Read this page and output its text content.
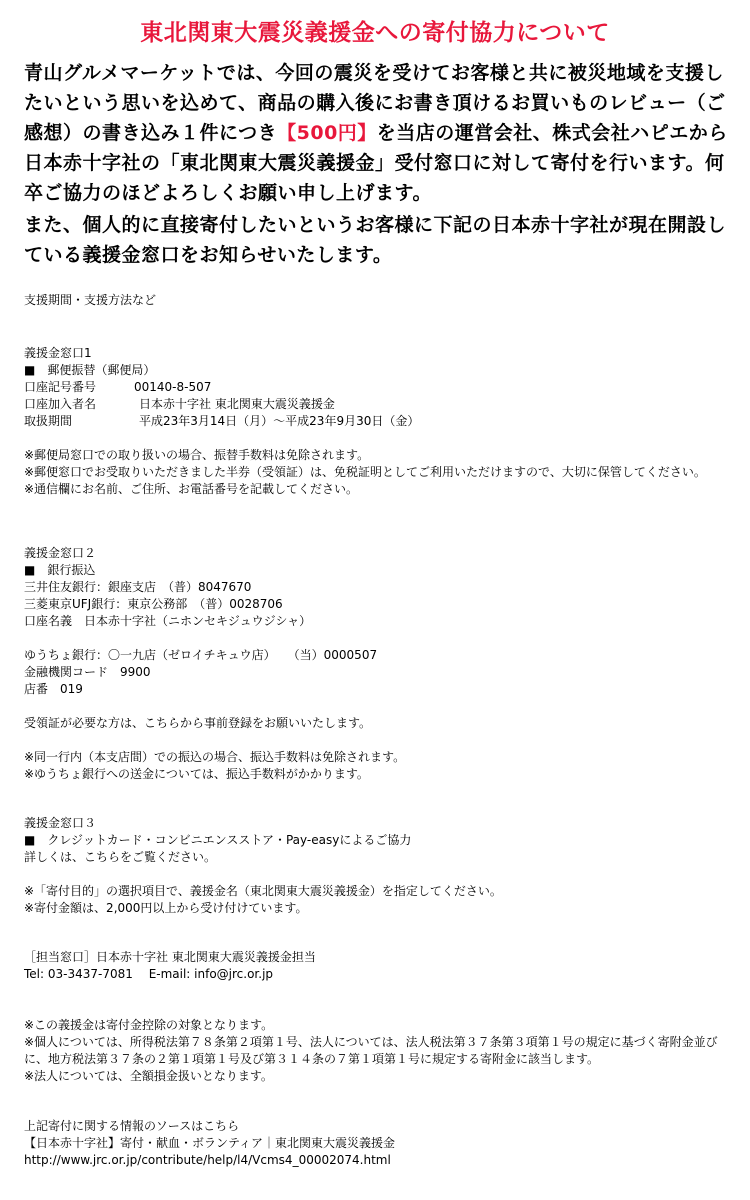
東北関東大震災義援金への寄付協力について

青山グルメマーケットでは、今回の震災を受けてお客様と共に被災地域を支援したいという思いを込めて、商品の購入後にお書き頂けるお買いものレビュー（ご感想）の書き込み１件につき【500円】を当店の運営会社、株式会社ハピエから日本赤十字社の「東北関東大震災義援金」受付窓口に対して寄付を行います。何卒ご協力のほどよろしくお願い申し上げます。

また、個人的に直接寄付したいというお客様に下記の日本赤十字社が現在開設している義援金窓口をお知らせいたします。

支援期間・支援方法など

義援金窓口1

■　郵便振替（郵便局）

口座記号番号	00140-8-507
口座加入者名	日本赤十字社 東北関東大震災義援金
取扱期間	平成23年3月14日（月）〜平成23年9月30日（金）

※郵便局窓口での取り扱いの場合、振替手数料は免除されます。

※郵便窓口でお受取りいただきました半券（受領証）は、免税証明としてご利用いただけますので、大切に保管してください。

※通信欄にお名前、ご住所、お電話番号を記載してください。

義援金窓口２

■　銀行振込

三井住友銀行：銀座支店　（普）8047670

三菱東京UFJ銀行：東京公務部　（普）0028706

口座名義　日本赤十字社（ニホンセキジュウジシャ）

ゆうちょ銀行：〇一九店（ゼロイチキュウ店）　　（当）0000507

金融機関コード　9900

店番　019

受領証が必要な方は、こちらから事前登録をお願いいたします。

※同一行内（本支店間）での振込の場合、振込手数料は免除されます。

※ゆうちょ銀行への送金については、振込手数料がかかります。

義援金窓口３

■　クレジットカード・コンビニエンスストア・Pay-easyによるご協力

詳しくは、こちらをご覧ください。

※「寄付目的」の選択項目で、義援金名（東北関東大震災義援金）を指定してください。

※寄付金額は、2,000円以上から受け付けています。

［担当窓口］日本赤十字社 東北関東大震災義援金担当

Tel: 03-3437-7081　 E-mail: info@jrc.or.jp

※この義援金は寄付金控除の対象となります。

※個人については、所得税法第７８条第２項第１号、法人については、法人税法第３７条第３項第１号の規定に基づく寄附金並びに、地方税法第３７条の２第１項第１号及び第３１４条の７第１項第１号に規定する寄附金に該当します。

※法人については、全額損金扱いとなります。

上記寄付に関する情報のソースはこちら

【日本赤十字社】寄付・献血・ボランティア｜東北関東大震災義援金

http://www.jrc.or.jp/contribute/help/l4/Vcms4_00002074.html
